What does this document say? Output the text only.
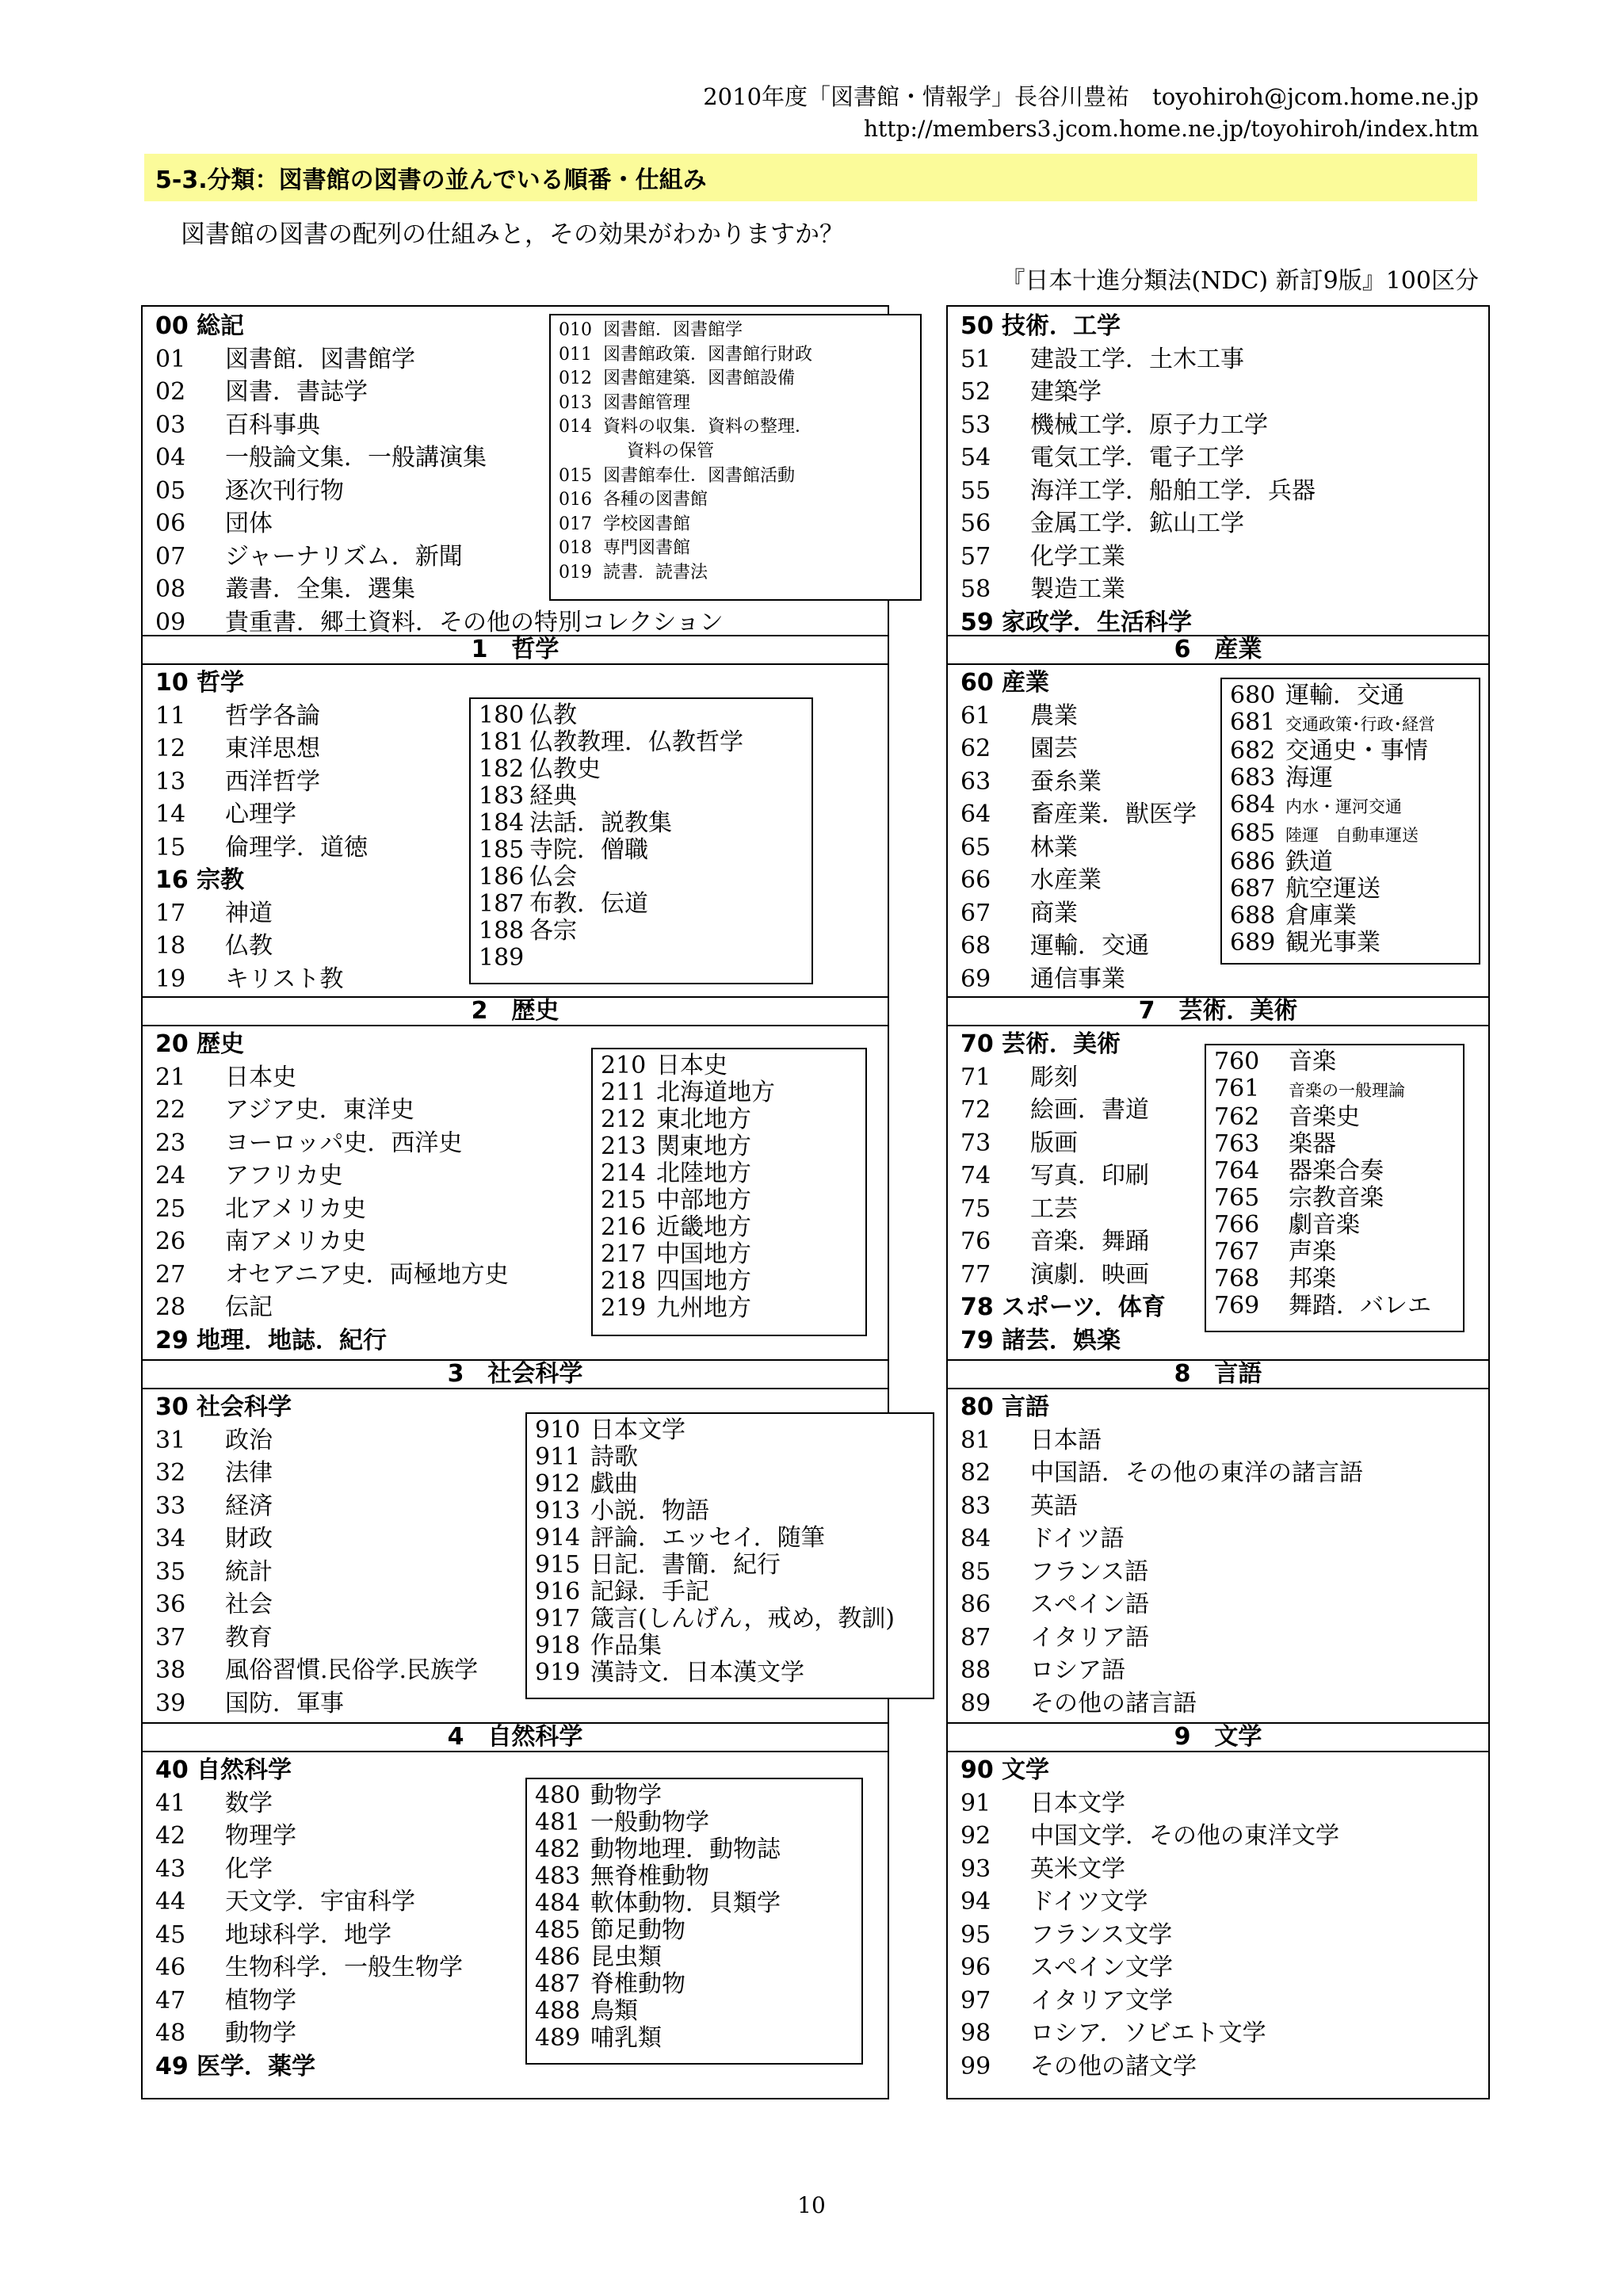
2010年度「図書館・情報学」長谷川豊祐　toyohiroh@jcom.home.ne.jp
http://members3.jcom.home.ne.jp/toyohiroh/index.htm
5-3.分類：図書館の図書の並んでいる順番・仕組み
図書館の図書の配列の仕組みと，その効果がわかりますか？
『日本十進分類法(NDC) 新訂9版』100区分
00 総記
01 図書館．図書館学
02 図書．書誌学
03 百科事典
04 一般論文集．一般講演集
05 逐次刊行物
06 団体
07 ジャーナリズム．新聞
08 叢書．全集．選集
09 貴重書．郷土資料．その他の特別コレクション
1　哲学
10 哲学
11 哲学各論
12 東洋思想
13 西洋哲学
14 心理学
15 倫理学．道徳
16 宗教
17 神道
18 仏教
19 キリスト教
2　歴史
20 歴史
21 日本史
22 アジア史．東洋史
23 ヨーロッパ史．西洋史
24 アフリカ史
25 北アメリカ史
26 南アメリカ史
27 オセアニア史．両極地方史
28 伝記
29 地理．地誌．紀行
3　社会科学
30 社会科学
31 政治
32 法律
33 経済
34 財政
35 統計
36 社会
37 教育
38 風俗習慣.民俗学.民族学
39 国防．軍事
4　自然科学
40 自然科学
41 数学
42 物理学
43 化学
44 天文学．宇宙科学
45 地球科学．地学
46 生物科学．一般生物学
47 植物学
48 動物学
49 医学．薬学
50 技術．工学
51 建設工学．土木工事
52 建築学
53 機械工学．原子力工学
54 電気工学．電子工学
55 海洋工学．船舶工学．兵器
56 金属工学．鉱山工学
57 化学工業
58 製造工業
59 家政学．生活科学
6　産業
60 産業
61 農業
62 園芸
63 蚕糸業
64 畜産業．獣医学
65 林業
66 水産業
67 商業
68 運輸．交通
69 通信事業
7　芸術．美術
70 芸術．美術
71 彫刻
72 絵画．書道
73 版画
74 写真．印刷
75 工芸
76 音楽．舞踊
77 演劇．映画
78 スポーツ．体育
79 諸芸．娯楽
8　言語
80 言語
81 日本語
82 中国語．その他の東洋の諸言語
83 英語
84 ドイツ語
85 フランス語
86 スペイン語
87 イタリア語
88 ロシア語
89 その他の諸言語
9　文学
90 文学
91 日本文学
92 中国文学．その他の東洋文学
93 英米文学
94 ドイツ文学
95 フランス文学
96 スペイン文学
97 イタリア文学
98 ロシア．ソビエト文学
99 その他の諸文学
10
010 図書館．図書館学
011 図書館政策．図書館行財政
012 図書館建築．図書館設備
013 図書館管理
014 資料の収集．資料の整理．
資料の保管
015 図書館奉仕．図書館活動
016 各種の図書館
017 学校図書館
018 専門図書館
019 読書．読書法
180 仏教
181 仏教教理．仏教哲学
182 仏教史
183 経典
184 法話．説教集
185 寺院．僧職
186 仏会
187 布教．伝道
188 各宗
189
210 日本史
211 北海道地方
212 東北地方
213 関東地方
214 北陸地方
215 中部地方
216 近畿地方
217 中国地方
218 四国地方
219 九州地方
910 日本文学
911 詩歌
912 戯曲
913 小説．物語
914 評論．エッセイ．随筆
915 日記．書簡．紀行
916 記録．手記
917 箴言(しんげん，戒め，教訓)
918 作品集
919 漢詩文．日本漢文学
480 動物学
481 一般動物学
482 動物地理．動物誌
483 無脊椎動物
484 軟体動物．貝類学
485 節足動物
486 昆虫類
487 脊椎動物
488 鳥類
489 哺乳類
680 運輸．交通
681 交通政策･行政･経営
682 交通史・事情
683 海運
684 内水・運河交通
685 陸運　自動車運送
686 鉄道
687 航空運送
688 倉庫業
689 観光事業
760 音楽
761 音楽の一般理論
762 音楽史
763 楽器
764 器楽合奏
765 宗教音楽
766 劇音楽
767 声楽
768 邦楽
769 舞踏．バレエ
